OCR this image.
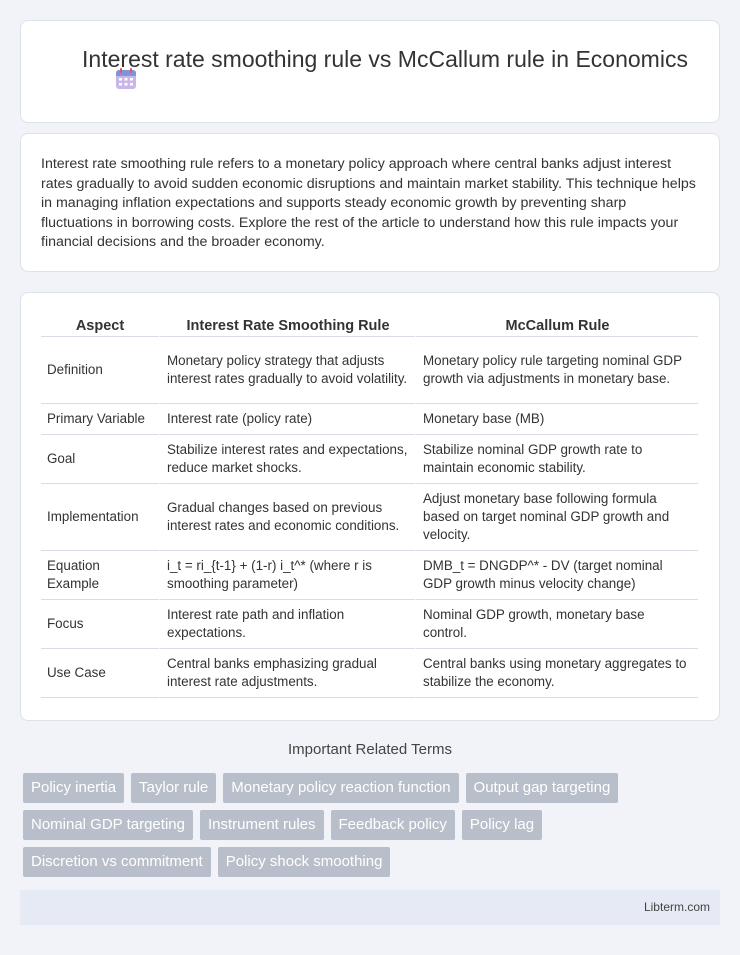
Interest rate smoothing rule vs McCallum rule in Economics

Interest rate smoothing rule refers to a monetary policy approach where central banks adjust interest rates gradually to avoid sudden economic disruptions and maintain market stability. This technique helps in managing inflation expectations and supports steady economic growth by preventing sharp fluctuations in borrowing costs. Explore the rest of the article to understand how this rule impacts your financial decisions and the broader economy.

Aspect	Interest Rate Smoothing Rule	McCallum Rule
Definition	Monetary policy strategy that adjusts interest rates gradually to avoid volatility.	Monetary policy rule targeting nominal GDP growth via adjustments in monetary base.
Primary Variable	Interest rate (policy rate)	Monetary base (MB)
Goal	Stabilize interest rates and expectations, reduce market shocks.	Stabilize nominal GDP growth rate to maintain economic stability.
Implementation	Gradual changes based on previous interest rates and economic conditions.	Adjust monetary base following formula based on target nominal GDP growth and velocity.
Equation Example	i_t = ri_{t-1} + (1-r) i_t^* (where r is smoothing parameter)	DMB_t = DNGDP^* - DV (target nominal GDP growth minus velocity change)
Focus	Interest rate path and inflation expectations.	Nominal GDP growth, monetary base control.
Use Case	Central banks emphasizing gradual interest rate adjustments.	Central banks using monetary aggregates to stabilize the economy.
Important Related Terms
Policy inertia	Taylor rule	Monetary policy reaction function	Output gap targeting
Nominal GDP targeting	Instrument rules	Feedback policy	Policy lag
Discretion vs commitment	Policy shock smoothing
Libterm.com
